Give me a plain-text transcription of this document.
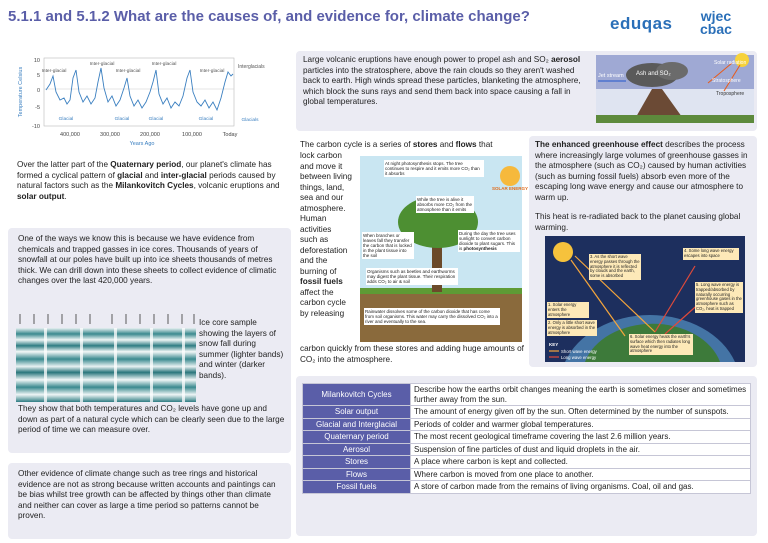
5.1.1 and 5.1.2 What are the causes of, and evidence for, climate change?	eduqas wjec
cbac
Temperature Celsius
10
5
0
-5
-10
400,000	300,000	200,000	100,000	Today
Years Ago
Inter-glacial
Inter-glacial
Inter-glacial
Inter-glacial
Inter-glacial
Interglacials
Glacial	Glacial	Glacial	Glacial	Glacials

Over the latter part of the Quaternary period, our planet's climate has formed a cyclical pattern of glacial and inter-glacial periods caused by natural factors such as the Milankovitch Cycles, volcanic eruptions and solar output.

One of the ways we know this is because we have evidence from chemicals and trapped gasses in ice cores. Thousands of years of snowfall at our poles have built up into ice sheets thousands of metres thick. We can drill down into these sheets to collect evidence of climatic changes over the last 420,000 years.

Ice core sample showing the layers of snow fall during summer (lighter bands) and winter (darker bands).

They show that both temperatures and CO₂ levels have gone up and down as part of a natural cycle which can be clearly seen due to the large period of time we can measure over.

Other evidence of climate change such as tree rings and historical evidence are not as strong because written accounts and paintings can be bias whilst tree growth can be affected by things other than climate and neither can cover as large a time period so patterns cannot be proven.

Large volcanic eruptions have enough power to propel ash and SO₂ aerosol particles into the stratosphere, above the rain clouds so they aren't washed back to earth. High winds spread these particles, blanketing the atmosphere, which block the suns rays and send them back into space causing a fall in global temperatures.

Jet stream Ash and SO₂
Solar radiation
Stratosphere
Troposphere

The carbon cycle is a series of stores and flows that

lock carbon

and move it

between living

things, land,

sea and our

atmosphere.

Human

activities

such as

deforestation

and the

burning of

fossil fuels

affect the

carbon cycle

by releasing

carbon quickly from these stores and adding huge amounts of CO₂ into the atmosphere.

At night photosynthesis stops. The tree continues to respire and it emits more CO₂ than it absorbs
SOLAR ENERGY
While the tree is alive it absorbs more CO₂ from the atmosphere than it emits
When branches or leaves fall they transfer the carbon that is locked in the plant tissue into the soil
During the day the tree uses sunlight to convert carbon dioxide to plant sugars. This is photosynthesis
Organisms such as beetles and earthworms may digest the plant tissue. Their respiration adds CO₂ to air & soil
Rainwater dissolves some of the carbon dioxide that has come from soil organisms. This water may carry the dissolved CO₂ into a river and eventually to the sea.

The enhanced greenhouse effect describes the process where increasingly large volumes of greenhouse gasses in the atmosphere (such as CO₂) caused by human activities (such as burning fossil fuels) absorb even more of the escaping long wave energy and cause our atmosphere to warm up.

This heat is re-radiated back to the planet causing global warming.

1. Solar energy enters the atmosphere
2. Only a little short wave energy is absorbed in the atmosphere
3. As the short wave energy passes through the atmosphere it is reflected by clouds and the earth, some is absorbed
4. Some long wave energy escapes into space
5. Long wave energy is trapped/absorbed by naturally occurring greenhouse gases in the atmosphere such as CO₂, heat is trapped
6. Solar energy heats the earth's surface which then radiates long wave heat energy into the atmosphere
KEY
Short wave energy
Long wave energy
Milankovitch Cycles	Describe how the earths orbit changes meaning the earth is sometimes closer and sometimes further away from the sun.
Solar output	The amount of energy given off by the sun. Often determined by the number of sunspots.
Glacial and Interglacial	Periods of colder and warmer global temperatures.
Quaternary period	The most recent geological timeframe covering the last 2.6 million years.
Aerosol	Suspension of fine particles of dust and liquid droplets in the air.
Stores	A place where carbon is kept and collected.
Flows	Where carbon is moved from one place to another.
Fossil fuels	A store of carbon made from the remains of living organisms. Coal, oil and gas.
